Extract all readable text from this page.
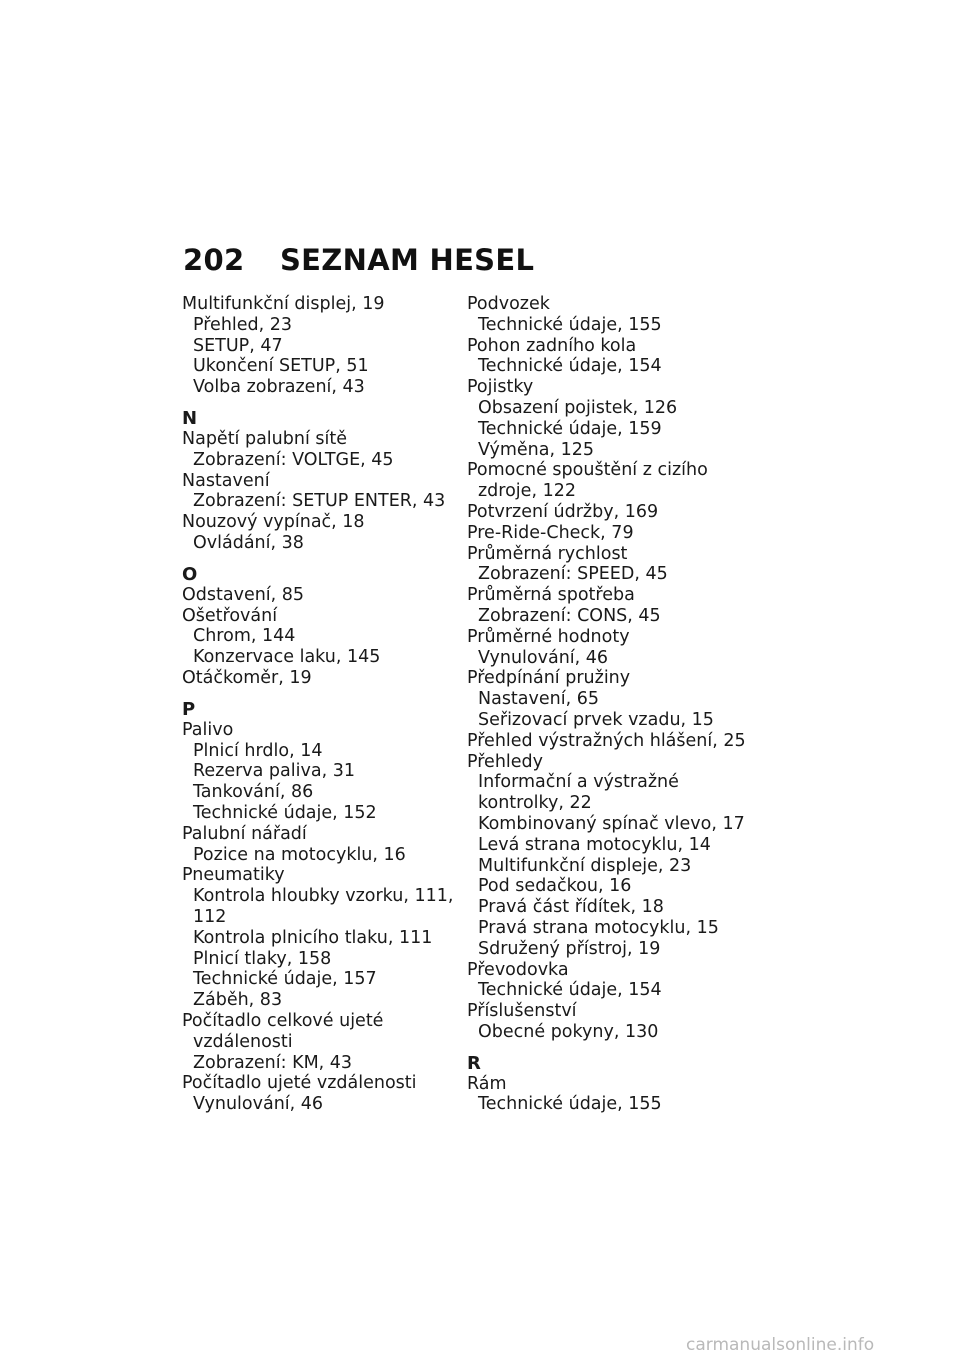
202 SEZNAM HESEL
Multifunkční displej, 19
Přehled, 23
SETUP, 47
Ukončení SETUP, 51
Volba zobrazení, 43
N
Napětí palubní sítě
Zobrazení: VOLTGE, 45
Nastavení
Zobrazení: SETUP ENTER, 43
Nouzový vypínač, 18
Ovládání, 38
O
Odstavení, 85
Ošetřování
Chrom, 144
Konzervace laku, 145
Otáčkoměr, 19
P
Palivo
Plnicí hrdlo, 14
Rezerva paliva, 31
Tankování, 86
Technické údaje, 152
Palubní nářadí
Pozice na motocyklu, 16
Pneumatiky
Kontrola hloubky vzorku, 111,
112
Kontrola plnicího tlaku, 111
Plnicí tlaky, 158
Technické údaje, 157
Záběh, 83
Počítadlo celkové ujeté
vzdálenosti
Zobrazení: KM, 43
Počítadlo ujeté vzdálenosti
Vynulování, 46
Podvozek
Technické údaje, 155
Pohon zadního kola
Technické údaje, 154
Pojistky
Obsazení pojistek, 126
Technické údaje, 159
Výměna, 125
Pomocné spouštění z cizího
zdroje, 122
Potvrzení údržby, 169
Pre-Ride-Check, 79
Průměrná rychlost
Zobrazení: SPEED, 45
Průměrná spotřeba
Zobrazení: CONS, 45
Průměrné hodnoty
Vynulování, 46
Předpínání pružiny
Nastavení, 65
Seřizovací prvek vzadu, 15
Přehled výstražných hlášení, 25
Přehledy
Informační a výstražné
kontrolky, 22
Kombinovaný spínač vlevo, 17
Levá strana motocyklu, 14
Multifunkční displeje, 23
Pod sedačkou, 16
Pravá část řídítek, 18
Pravá strana motocyklu, 15
Sdružený přístroj, 19
Převodovka
Technické údaje, 154
Příslušenství
Obecné pokyny, 130
R
Rám
Technické údaje, 155
carmanualsonline.info
